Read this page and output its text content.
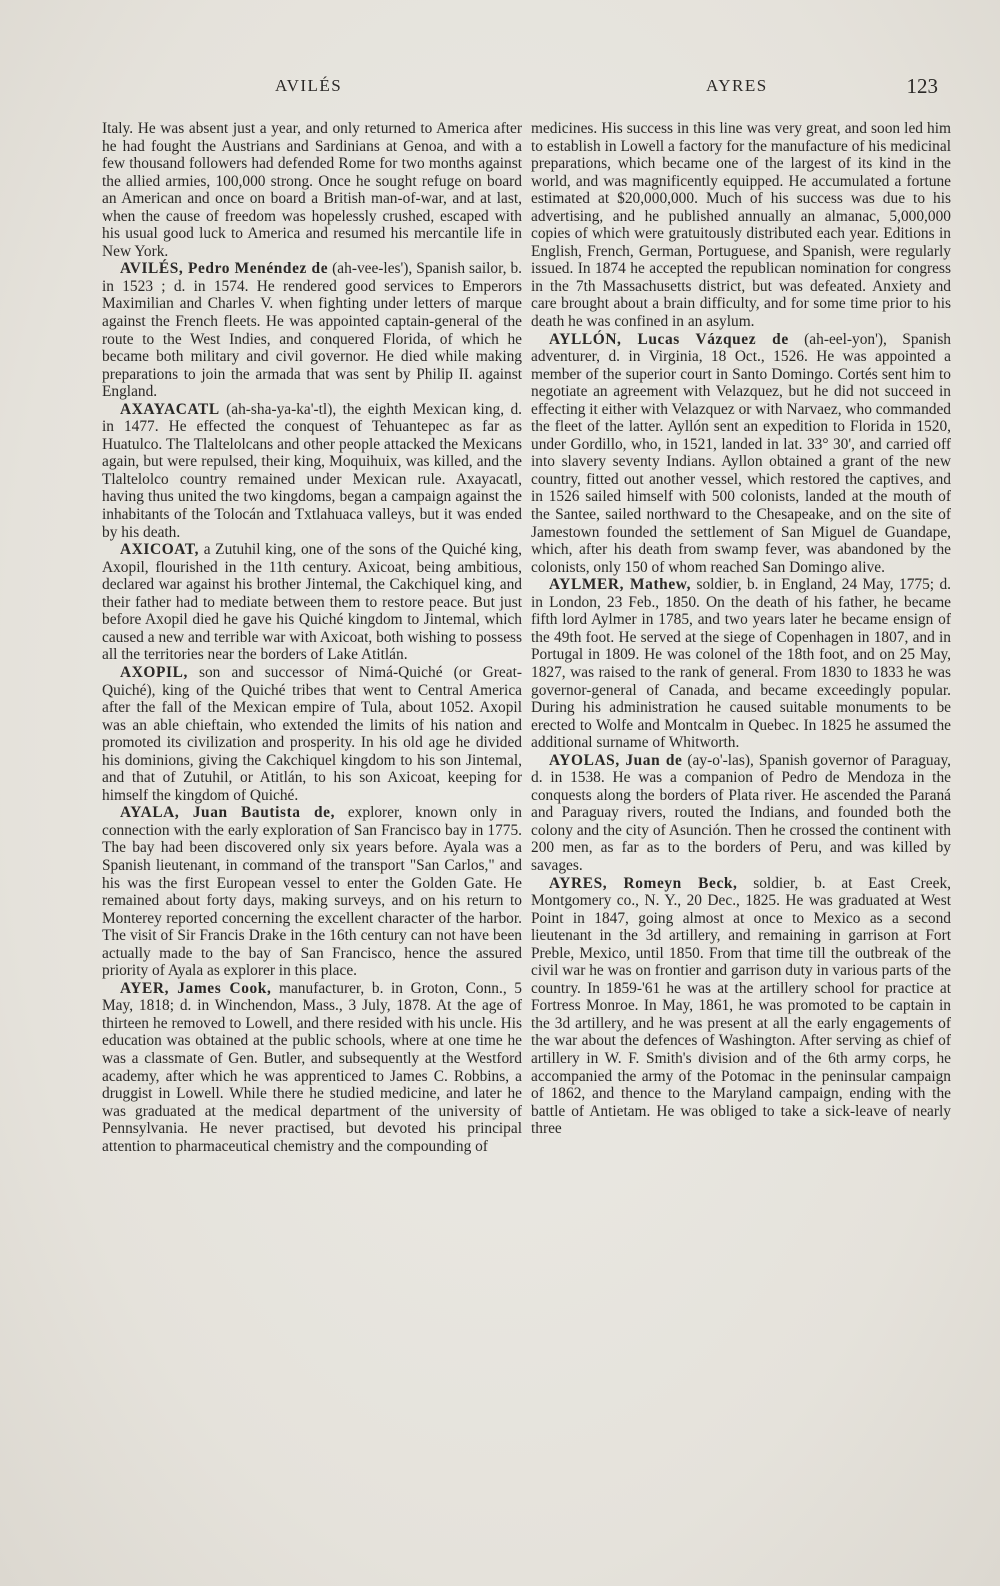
AVILÉS	AYRES	123

Italy. He was absent just a year, and only returned to America after he had fought the Austrians and Sardinians at Genoa, and with a few thousand followers had defended Rome for two months against the allied armies, 100,000 strong. Once he sought refuge on board an American and once on board a British man-of-war, and at last, when the cause of freedom was hopelessly crushed, escaped with his usual good luck to America and resumed his mercantile life in New York.

AVILÉS, Pedro Menéndez de (ah-vee-les'), Spanish sailor, b. in 1523 ; d. in 1574. He rendered good services to Emperors Maximilian and Charles V. when fighting under letters of marque against the French fleets. He was appointed captain-general of the route to the West Indies, and conquered Florida, of which he became both military and civil governor. He died while making preparations to join the armada that was sent by Philip II. against England.

AXAYACATL (ah-sha-ya-ka'-tl), the eighth Mexican king, d. in 1477. He effected the conquest of Tehuantepec as far as Huatulco. The Tlaltelolcans and other people attacked the Mexicans again, but were repulsed, their king, Moquihuix, was killed, and the Tlaltelolco country remained under Mexican rule. Axayacatl, having thus united the two kingdoms, began a campaign against the inhabitants of the Tolocán and Txtlahuaca valleys, but it was ended by his death.

AXICOAT, a Zutuhil king, one of the sons of the Quiché king, Axopil, flourished in the 11th century. Axicoat, being ambitious, declared war against his brother Jintemal, the Cakchiquel king, and their father had to mediate between them to restore peace. But just before Axopil died he gave his Quiché kingdom to Jintemal, which caused a new and terrible war with Axicoat, both wishing to possess all the territories near the borders of Lake Atitlán.

AXOPIL, son and successor of Nimá-Quiché (or Great-Quiché), king of the Quiché tribes that went to Central America after the fall of the Mexican empire of Tula, about 1052. Axopil was an able chieftain, who extended the limits of his nation and promoted its civilization and prosperity. In his old age he divided his dominions, giving the Cakchiquel kingdom to his son Jintemal, and that of Zutuhil, or Atitlán, to his son Axicoat, keeping for himself the kingdom of Quiché.

AYALA, Juan Bautista de, explorer, known only in connection with the early exploration of San Francisco bay in 1775. The bay had been discovered only six years before. Ayala was a Spanish lieutenant, in command of the transport "San Carlos," and his was the first European vessel to enter the Golden Gate. He remained about forty days, making surveys, and on his return to Monterey reported concerning the excellent character of the harbor. The visit of Sir Francis Drake in the 16th century can not have been actually made to the bay of San Francisco, hence the assured priority of Ayala as explorer in this place.

AYER, James Cook, manufacturer, b. in Groton, Conn., 5 May, 1818; d. in Winchendon, Mass., 3 July, 1878. At the age of thirteen he removed to Lowell, and there resided with his uncle. His education was obtained at the public schools, where at one time he was a classmate of Gen. Butler, and subsequently at the Westford academy, after which he was apprenticed to James C. Robbins, a druggist in Lowell. While there he studied medicine, and later he was graduated at the medical department of the university of Pennsylvania. He never practised, but devoted his principal attention to pharmaceutical chemistry and the compounding of

medicines. His success in this line was very great, and soon led him to establish in Lowell a factory for the manufacture of his medicinal preparations, which became one of the largest of its kind in the world, and was magnificently equipped. He accumulated a fortune estimated at $20,000,000. Much of his success was due to his advertising, and he published annually an almanac, 5,000,000 copies of which were gratuitously distributed each year. Editions in English, French, German, Portuguese, and Spanish, were regularly issued. In 1874 he accepted the republican nomination for congress in the 7th Massachusetts district, but was defeated. Anxiety and care brought about a brain difficulty, and for some time prior to his death he was confined in an asylum.

AYLLÓN, Lucas Vázquez de (ah-eel-yon'), Spanish adventurer, d. in Virginia, 18 Oct., 1526. He was appointed a member of the superior court in Santo Domingo. Cortés sent him to negotiate an agreement with Velazquez, but he did not succeed in effecting it either with Velazquez or with Narvaez, who commanded the fleet of the latter. Ayllón sent an expedition to Florida in 1520, under Gordillo, who, in 1521, landed in lat. 33° 30', and carried off into slavery seventy Indians. Ayllon obtained a grant of the new country, fitted out another vessel, which restored the captives, and in 1526 sailed himself with 500 colonists, landed at the mouth of the Santee, sailed northward to the Chesapeake, and on the site of Jamestown founded the settlement of San Miguel de Guandape, which, after his death from swamp fever, was abandoned by the colonists, only 150 of whom reached San Domingo alive.

AYLMER, Mathew, soldier, b. in England, 24 May, 1775; d. in London, 23 Feb., 1850. On the death of his father, he became fifth lord Aylmer in 1785, and two years later he became ensign of the 49th foot. He served at the siege of Copenhagen in 1807, and in Portugal in 1809. He was colonel of the 18th foot, and on 25 May, 1827, was raised to the rank of general. From 1830 to 1833 he was governor-general of Canada, and became exceedingly popular. During his administration he caused suitable monuments to be erected to Wolfe and Montcalm in Quebec. In 1825 he assumed the additional surname of Whitworth.

AYOLAS, Juan de (ay-o'-las), Spanish governor of Paraguay, d. in 1538. He was a companion of Pedro de Mendoza in the conquests along the borders of Plata river. He ascended the Paraná and Paraguay rivers, routed the Indians, and founded both the colony and the city of Asunción. Then he crossed the continent with 200 men, as far as to the borders of Peru, and was killed by savages.

AYRES, Romeyn Beck, soldier, b. at East Creek, Montgomery co., N. Y., 20 Dec., 1825. He was graduated at West Point in 1847, going almost at once to Mexico as a second lieutenant in the 3d artillery, and remaining in garrison at Fort Preble, Mexico, until 1850. From that time till the outbreak of the civil war he was on frontier and garrison duty in various parts of the country. In 1859-'61 he was at the artillery school for practice at Fortress Monroe. In May, 1861, he was promoted to be captain in the 3d artillery, and he was present at all the early engagements of the war about the defences of Washington. After serving as chief of artillery in W. F. Smith's division and of the 6th army corps, he accompanied the army of the Potomac in the peninsular campaign of 1862, and thence to the Maryland campaign, ending with the battle of Antietam. He was obliged to take a sick-leave of nearly three
